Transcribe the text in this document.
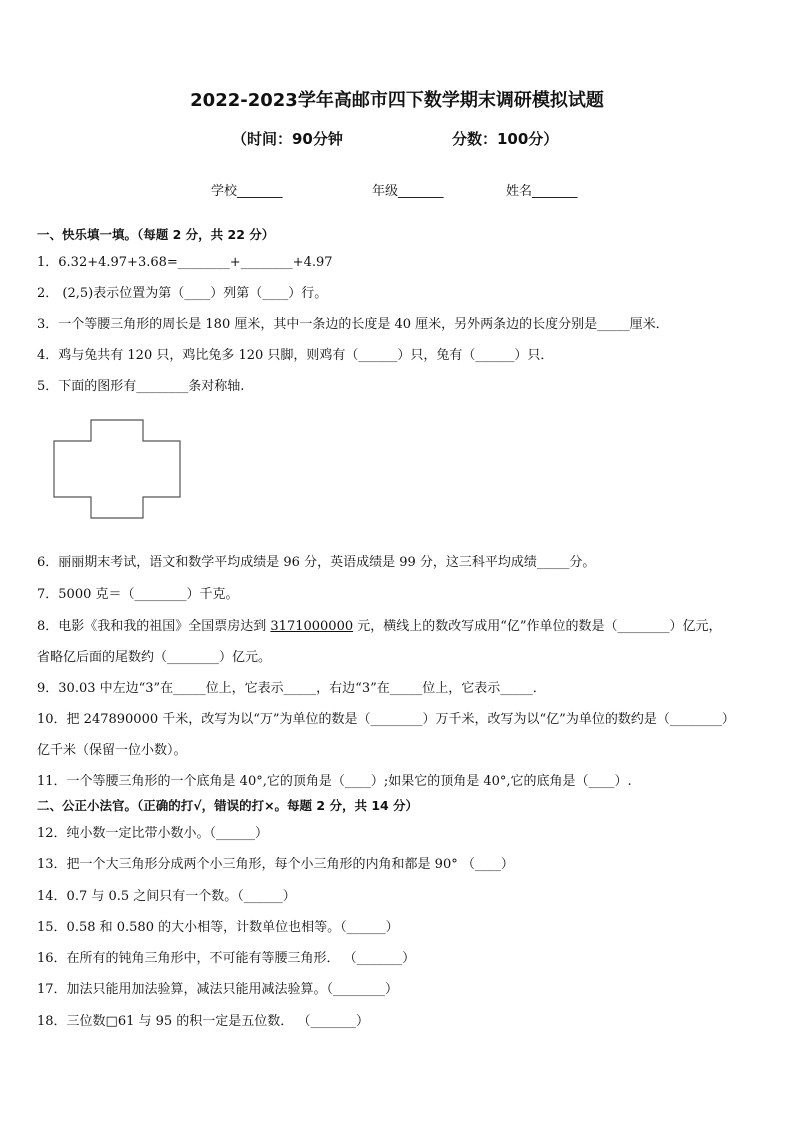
2022-2023学年高邮市四下数学期末调研模拟试题
（时间：90分钟	分数：100分）
学校_______	年级_______	姓名_______
一、快乐填一填。（每题 2 分，共 22 分）
1．6.32+4.97+3.68=________+________+4.97
2． (2,5)表示位置为第（____）列第（____）行。
3．一个等腰三角形的周长是 180 厘米，其中一条边的长度是 40 厘米，另外两条边的长度分别是_____厘米．
4．鸡与兔共有 120 只，鸡比兔多 120 只脚，则鸡有（______）只，兔有（______）只．
5．下面的图形有________条对称轴.
6．丽丽期末考试，语文和数学平均成绩是 96 分，英语成绩是 99 分，这三科平均成绩_____分。
7．5000 克＝（________）千克。
8．电影《我和我的祖国》全国票房达到 3171000000 元，横线上的数改写成用“亿”作单位的数是（________）亿元，
省略亿后面的尾数约（________）亿元。
9．30.03 中左边“3”在_____位上，它表示_____，右边“3”在_____位上，它表示_____．
10．把 247890000 千米，改写为以“万”为单位的数是（________）万千米，改写为以“亿”为单位的数约是（________）
亿千米（保留一位小数）。
11．一个等腰三角形的一个底角是 40°,它的顶角是（____）;如果它的顶角是 40°,它的底角是（____）.
二、公正小法官。（正确的打√，错误的打×。每题 2 分，共 14 分）
12．纯小数一定比带小数小。（______）
13．把一个大三角形分成两个小三角形，每个小三角形的内角和都是 90° （____）
14．0.7 与 0.5 之间只有一个数。（______）
15．0.58 和 0.580 的大小相等，计数单位也相等。（______）
16．在所有的钝角三角形中，不可能有等腰三角形． （_______）
17．加法只能用加法验算，减法只能用减法验算。（________）
18．三位数□61 与 95 的积一定是五位数． （_______）
